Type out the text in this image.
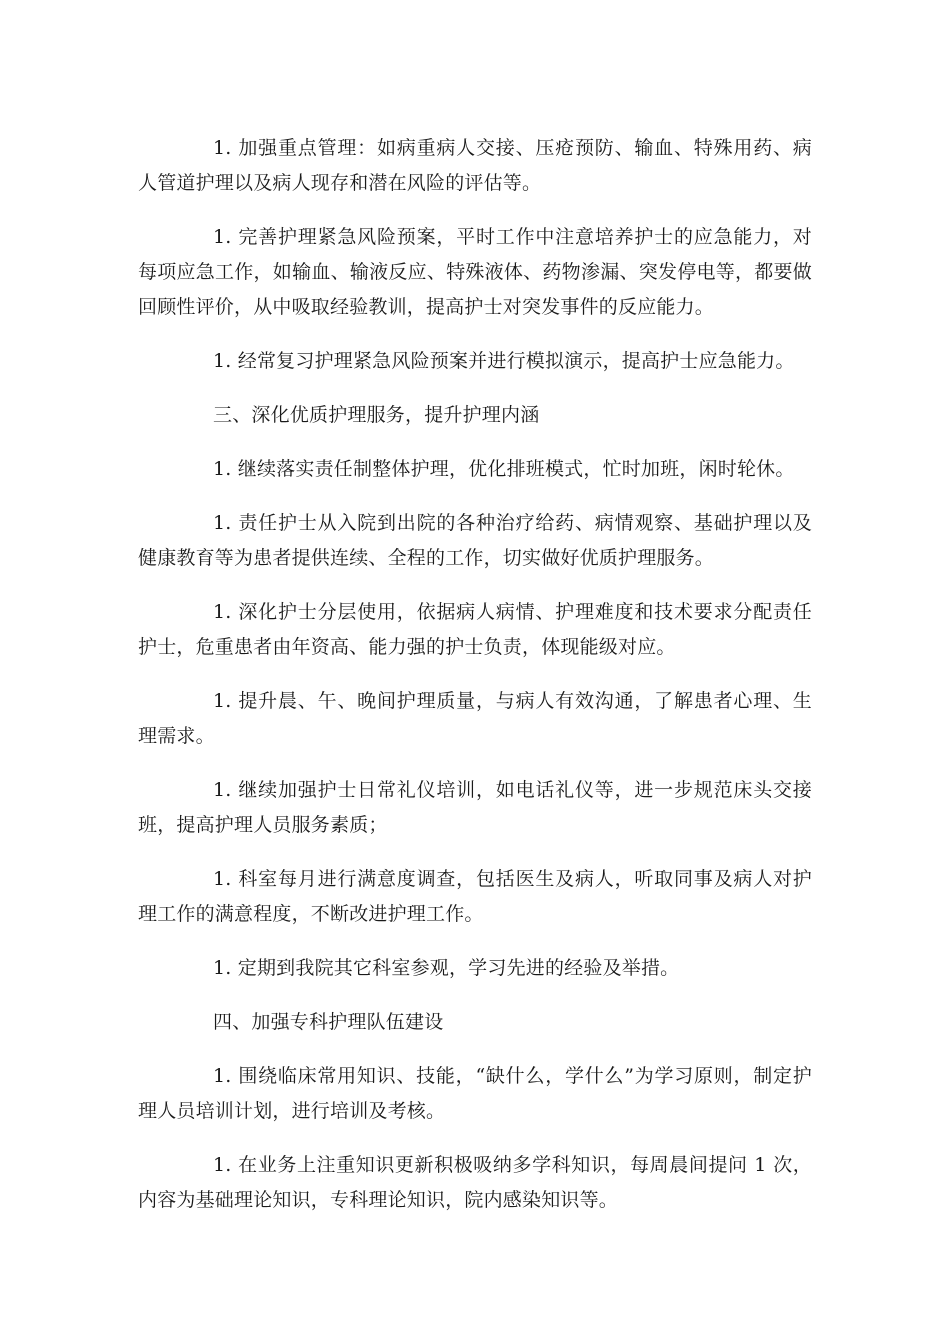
1. 加强重点管理：如病重病人交接、压疮预防、输血、特殊用药、病人管道护理以及病人现存和潜在风险的评估等。

1. 完善护理紧急风险预案，平时工作中注意培养护士的应急能力，对每项应急工作，如输血、输液反应、特殊液体、药物渗漏、突发停电等，都要做回顾性评价，从中吸取经验教训，提高护士对突发事件的反应能力。

1. 经常复习护理紧急风险预案并进行模拟演示，提高护士应急能力。

三、深化优质护理服务，提升护理内涵

1. 继续落实责任制整体护理，优化排班模式，忙时加班，闲时轮休。

1. 责任护士从入院到出院的各种治疗给药、病情观察、基础护理以及健康教育等为患者提供连续、全程的工作，切实做好优质护理服务。

1. 深化护士分层使用，依据病人病情、护理难度和技术要求分配责任护士，危重患者由年资高、能力强的护士负责，体现能级对应。

1. 提升晨、午、晚间护理质量，与病人有效沟通，了解患者心理、生理需求。

1. 继续加强护士日常礼仪培训，如电话礼仪等，进一步规范床头交接班，提高护理人员服务素质；

1. 科室每月进行满意度调查，包括医生及病人，听取同事及病人对护理工作的满意程度，不断改进护理工作。

1. 定期到我院其它科室参观，学习先进的经验及举措。

四、加强专科护理队伍建设

1. 围绕临床常用知识、技能，“缺什么，学什么”为学习原则，制定护理人员培训计划，进行培训及考核。

1. 在业务上注重知识更新积极吸纳多学科知识，每周晨间提问 1 次，内容为基础理论知识，专科理论知识，院内感染知识等。
